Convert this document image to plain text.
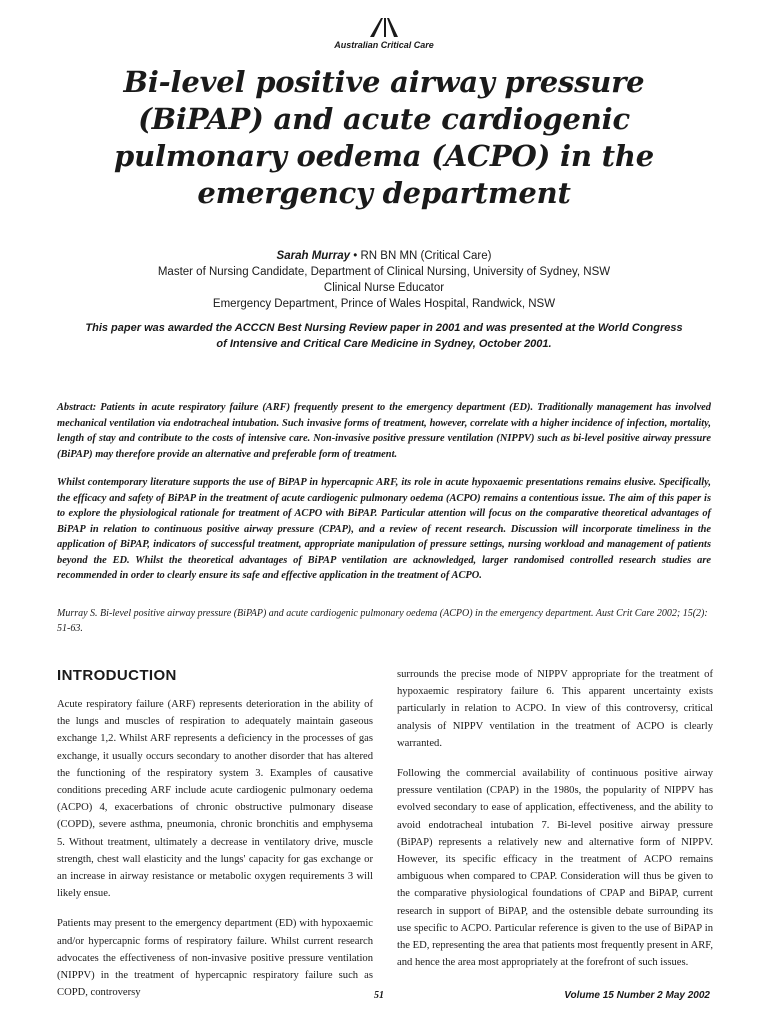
Australian Critical Care
Bi-level positive airway pressure (BiPAP) and acute cardiogenic pulmonary oedema (ACPO) in the emergency department
Sarah Murray • RN BN MN (Critical Care)
Master of Nursing Candidate, Department of Clinical Nursing, University of Sydney, NSW
Clinical Nurse Educator
Emergency Department, Prince of Wales Hospital, Randwick, NSW
This paper was awarded the ACCCN Best Nursing Review paper in 2001 and was presented at the World Congress of Intensive and Critical Care Medicine in Sydney, October 2001.

Abstract: Patients in acute respiratory failure (ARF) frequently present to the emergency department (ED). Traditionally management has involved mechanical ventilation via endotracheal intubation. Such invasive forms of treatment, however, correlate with a higher incidence of infection, mortality, length of stay and contribute to the costs of intensive care. Non-invasive positive pressure ventilation (NIPPV) such as bi-level positive airway pressure (BiPAP) may therefore provide an alternative and preferable form of treatment.

Whilst contemporary literature supports the use of BiPAP in hypercapnic ARF, its role in acute hypoxaemic presentations remains elusive. Specifically, the efficacy and safety of BiPAP in the treatment of acute cardiogenic pulmonary oedema (ACPO) remains a contentious issue. The aim of this paper is to explore the physiological rationale for treatment of ACPO with BiPAP. Particular attention will focus on the comparative theoretical advantages of BiPAP in relation to continuous positive airway pressure (CPAP), and a review of recent research. Discussion will incorporate timeliness in the application of BiPAP, indicators of successful treatment, appropriate manipulation of pressure settings, nursing workload and management of patients beyond the ED. Whilst the theoretical advantages of BiPAP ventilation are acknowledged, larger randomised controlled research studies are recommended in order to clearly ensure its safe and effective application in the treatment of ACPO.

Murray S. Bi-level positive airway pressure (BiPAP) and acute cardiogenic pulmonary oedema (ACPO) in the emergency department. Aust Crit Care 2002; 15(2): 51-63.

INTRODUCTION

Acute respiratory failure (ARF) represents deterioration in the ability of the lungs and muscles of respiration to adequately maintain gaseous exchange 1,2. Whilst ARF represents a deficiency in the processes of gas exchange, it usually occurs secondary to another disorder that has altered the functioning of the respiratory system 3. Examples of causative conditions preceding ARF include acute cardiogenic pulmonary oedema (ACPO) 4, exacerbations of chronic obstructive pulmonary disease (COPD), severe asthma, pneumonia, chronic bronchitis and emphysema 5. Without treatment, ultimately a decrease in ventilatory drive, muscle strength, chest wall elasticity and the lungs' capacity for gas exchange or an increase in airway resistance or metabolic oxygen requirements 3 will likely ensue.

Patients may present to the emergency department (ED) with hypoxaemic and/or hypercapnic forms of respiratory failure. Whilst current research advocates the effectiveness of non-invasive positive pressure ventilation (NIPPV) in the treatment of hypercapnic respiratory failure such as COPD, controversy

surrounds the precise mode of NIPPV appropriate for the treatment of hypoxaemic respiratory failure 6. This apparent uncertainty exists particularly in relation to ACPO. In view of this controversy, critical analysis of NIPPV ventilation in the treatment of ACPO is clearly warranted.

Following the commercial availability of continuous positive airway pressure ventilation (CPAP) in the 1980s, the popularity of NIPPV has evolved secondary to ease of application, effectiveness, and the ability to avoid endotracheal intubation 7. Bi-level positive airway pressure (BiPAP) represents a relatively new and alternative form of NIPPV. However, its specific efficacy in the treatment of ACPO remains ambiguous when compared to CPAP. Consideration will thus be given to the comparative physiological foundations of CPAP and BiPAP, current research in support of BiPAP, and the ostensible debate surrounding its use specific to ACPO. Particular reference is given to the use of BiPAP in the ED, representing the area that patients most frequently present in ARF, and hence the area most appropriately at the forefront of such issues.

51	Volume 15 Number 2 May 2002
